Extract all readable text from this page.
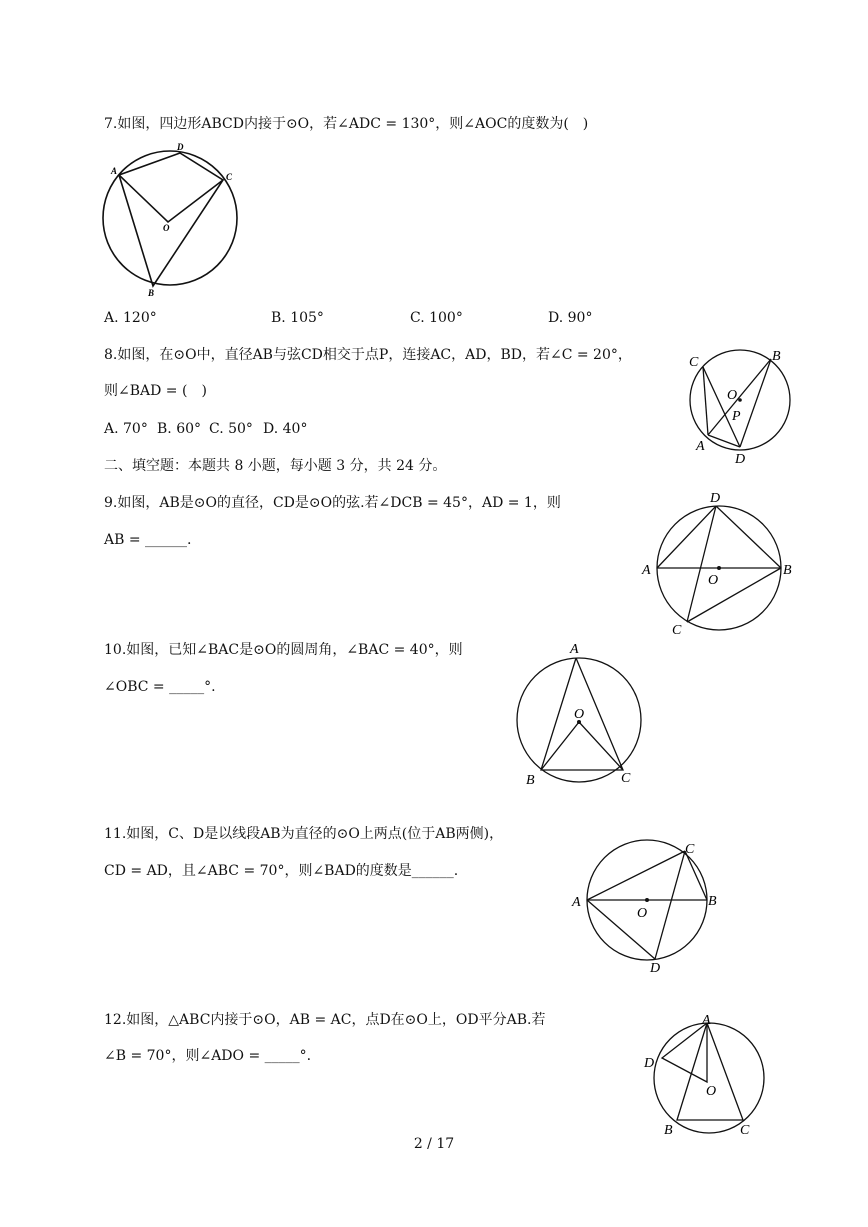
7.如图，四边形ABCD内接于⊙O，若∠ADC = 130°，则∠AOC的度数为(　)
A
B
C
D
O
A. 120°	B. 105°	C. 100°	D. 90°
8.如图，在⊙O中，直径AB与弦CD相交于点P，连接AC，AD，BD，若∠C = 20°，
则∠BAD = (　)
A. 70° B. 60° C. 50° D. 40°
C	B
O
P
A
D
二、填空题：本题共 8 小题，每小题 3 分，共 24 分。
9.如图，AB是⊙O的直径，CD是⊙O的弦.若∠DCB = 45°，AD = 1，则
AB = ______.
A	B
C
D
O
10.如图，已知∠BAC是⊙O的圆周角，∠BAC = 40°，则
∠OBC = _____°.
A
B	C
O
11.如图，C、D是以线段AB为直径的⊙O上两点(位于AB两侧)，
CD = AD，且∠ABC = 70°，则∠BAD的度数是______.
A	B
C
D
O
12.如图，△ABC内接于⊙O，AB = AC，点D在⊙O上，OD平分AB.若
∠B = 70°，则∠ADO = _____°.
A
B	C
D
O
2 / 17
